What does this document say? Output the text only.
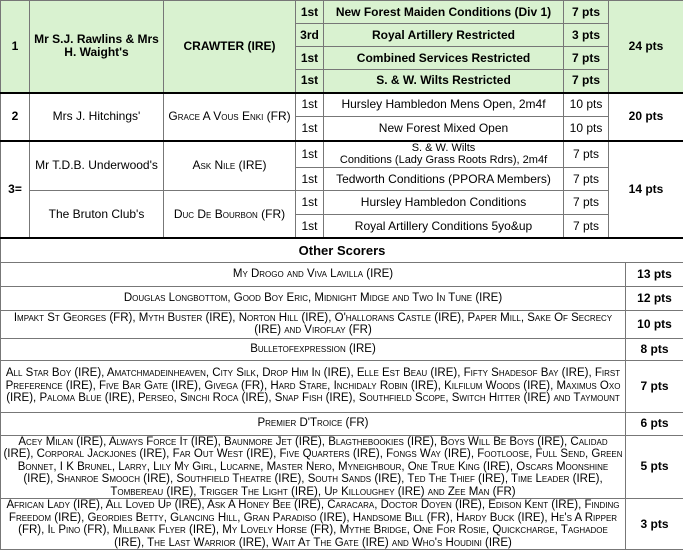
1	Mr S.J. Rawlins & Mrs H. Waight's	CRAWTER (IRE)	1st	New Forest Maiden Conditions (Div 1)	7 pts	24 pts
			3rd	Royal Artillery Restricted	3 pts	
			1st	Combined Services Restricted	7 pts	
			1st	S. & W. Wilts Restricted	7 pts	
2	Mrs J. Hitchings'	Grace A Vous Enki (FR)	1st	Hursley Hambledon Mens Open, 2m4f	10 pts	20 pts
			1st	New Forest Mixed Open	10 pts	
3=	Mr T.D.B. Underwood's	Ask Nile (IRE)	1st	S. & W. Wilts
Conditions (Lady Grass Roots Rdrs), 2m4f	7 pts	14 pts
			1st	Tedworth Conditions (PPORA Members)	7 pts	
	The Bruton Club's	Duc De Bourbon (FR)	1st	Hursley Hambledon Conditions	7 pts	
			1st	Royal Artillery Conditions 5yo&up	7 pts	
Other Scorers	
My Drogo and Viva Lavilla (IRE)	13 pts
Douglas Longbottom, Good Boy Eric, Midnight Midge and Two In Tune (IRE)	12 pts
Impakt St Georges (FR), Myth Buster (IRE), Norton Hill (IRE), O'hallorans Castle (IRE), Paper Mill, Sake Of Secrecy (IRE) and Viroflay (FR)	10 pts
Bulletofexpression (IRE)	8 pts
All Star Boy (IRE), Amatchmadeinheaven, City Silk, Drop Him In (IRE), Elle Est Beau (IRE), Fifty Shadesof Bay (IRE), First Preference (IRE), Five Bar Gate (IRE), Givega (FR), Hard Stare, Inchidaly Robin (IRE), Kilfilum Woods (IRE), Maximus Oxo (IRE), Paloma Blue (IRE), Perseo, Sinchi Roca (IRE), Snap Fish (IRE), Southfield Scope, Switch Hitter (IRE) and Taymount	7 pts
Premier D'Troice (FR)	6 pts
Acey Milan (IRE), Always Force It (IRE), Baunmore Jet (IRE), Blagthebookies (IRE), Boys Will Be Boys (IRE), Calidad (IRE), Corporal Jackjones (IRE), Far Out West (IRE), Five Quarters (IRE), Fongs Way (IRE), Footloose, Full Send, Green Bonnet, I K Brunel, Larry, Lily My Girl, Lucarne, Master Nero, Myneighbour, One True King (IRE), Oscars Moonshine (IRE), Shanroe Smooch (IRE), Southfield Theatre (IRE), South Sands (IRE), Ted The Thief (IRE), Time Leader (IRE), Tombereau (IRE), Trigger The Light (IRE), Up Killoughey (IRE) and Zee Man (FR)	5 pts
African Lady (IRE), All Loved Up (IRE), Ask A Honey Bee (IRE), Caracara, Doctor Doyen (IRE), Edison Kent (IRE), Finding Freedom (IRE), Geordies Betty, Glancing Hill, Gran Paradiso (IRE), Handsome Bill (FR), Hardy Buck (IRE), He's A Ripper (FR), Il Pino (FR), Millbank Flyer (IRE), My Lovely Horse (FR), Mythe Bridge, One For Rosie, Quickcharge, Taghadoe (IRE), The Last Warrior (IRE), Wait At The Gate (IRE) and Who's Houdini (IRE)	3 pts
